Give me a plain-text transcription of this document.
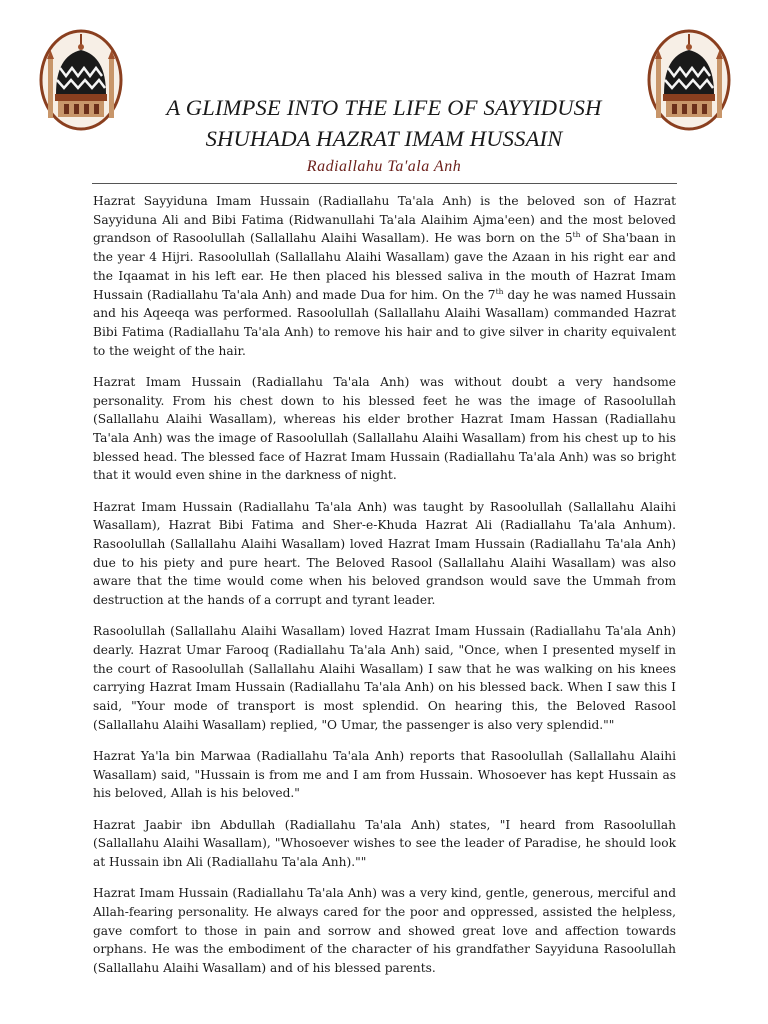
A GLIMPSE INTO THE LIFE OF SAYYIDUSH
SHUHADA HAZRAT IMAM HUSSAIN
Radiallahu Ta'ala Anh

Hazrat Sayyiduna Imam Hussain (Radiallahu Ta'ala Anh) is the beloved son of Hazrat Sayyiduna Ali and Bibi Fatima (Ridwanullahi Ta'ala Alaihim Ajma'een) and the most beloved grandson of Rasoolullah (Sallallahu Alaihi Wasallam). He was born on the 5th of Sha'baan in the year 4 Hijri. Rasoolullah (Sallallahu Alaihi Wasallam) gave the Azaan in his right ear and the Iqaamat in his left ear. He then placed his blessed saliva in the mouth of Hazrat Imam Hussain (Radiallahu Ta'ala Anh) and made Dua for him. On the 7th day he was named Hussain and his Aqeeqa was performed. Rasoolullah (Sallallahu Alaihi Wasallam) commanded Hazrat Bibi Fatima (Radiallahu Ta'ala Anh) to remove his hair and to give silver in charity equivalent to the weight of the hair.

Hazrat Imam Hussain (Radiallahu Ta'ala Anh) was without doubt a very handsome personality. From his chest down to his blessed feet he was the image of Rasoolullah (Sallallahu Alaihi Wasallam), whereas his elder brother Hazrat Imam Hassan (Radiallahu Ta'ala Anh) was the image of Rasoolullah (Sallallahu Alaihi Wasallam) from his chest up to his blessed head. The blessed face of Hazrat Imam Hussain (Radiallahu Ta'ala Anh) was so bright that it would even shine in the darkness of night.

Hazrat Imam Hussain (Radiallahu Ta'ala Anh) was taught by Rasoolullah (Sallallahu Alaihi Wasallam), Hazrat Bibi Fatima and Sher-e-Khuda Hazrat Ali (Radiallahu Ta'ala Anhum). Rasoolullah (Sallallahu Alaihi Wasallam) loved Hazrat Imam Hussain (Radiallahu Ta'ala Anh) due to his piety and pure heart. The Beloved Rasool (Sallallahu Alaihi Wasallam) was also aware that the time would come when his beloved grandson would save the Ummah from destruction at the hands of a corrupt and tyrant leader.

Rasoolullah (Sallallahu Alaihi Wasallam) loved Hazrat Imam Hussain (Radiallahu Ta'ala Anh) dearly. Hazrat Umar Farooq (Radiallahu Ta'ala Anh) said, "Once, when I presented myself in the court of Rasoolullah (Sallallahu Alaihi Wasallam) I saw that he was walking on his knees carrying Hazrat Imam Hussain (Radiallahu Ta'ala Anh) on his blessed back. When I saw this I said, "Your mode of transport is most splendid. On hearing this, the Beloved Rasool (Sallallahu Alaihi Wasallam) replied, "O Umar, the passenger is also very splendid.""

Hazrat Ya'la bin Marwaa (Radiallahu Ta'ala Anh) reports that Rasoolullah (Sallallahu Alaihi Wasallam) said, "Hussain is from me and I am from Hussain. Whosoever has kept Hussain as his beloved, Allah is his beloved."

Hazrat Jaabir ibn Abdullah (Radiallahu Ta'ala Anh) states, "I heard from Rasoolullah (Sallallahu Alaihi Wasallam), "Whosoever wishes to see the leader of Paradise, he should look at Hussain ibn Ali (Radiallahu Ta'ala Anh).""

Hazrat Imam Hussain (Radiallahu Ta'ala Anh) was a very kind, gentle, generous, merciful and Allah-fearing personality. He always cared for the poor and oppressed, assisted the helpless, gave comfort to those in pain and sorrow and showed great love and affection towards orphans. He was the embodiment of the character of his grandfather Sayyiduna Rasoolullah (Sallallahu Alaihi Wasallam) and of his blessed parents.
